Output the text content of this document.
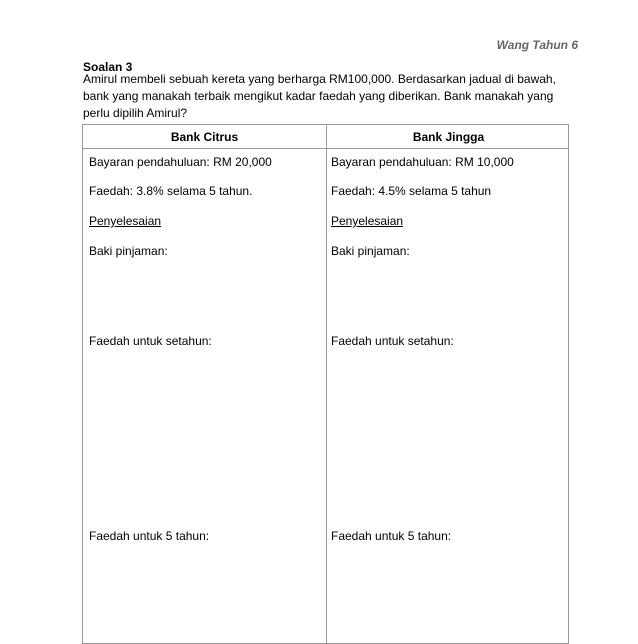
Wang Tahun 6
Soalan 3

Amirul membeli sebuah kereta yang berharga RM100,000. Berdasarkan jadual di bawah, bank yang manakah terbaik mengikut kadar faedah yang diberikan. Bank manakah yang perlu dipilih Amirul?

Bank Citrus	Bank Jingga
Bayaran pendahuluan: RM 20,000
Faedah: 3.8% selama 5 tahun.
Penyelesaian
Baki pinjaman:
Faedah untuk setahun:
Faedah untuk 5 tahun:
Bayaran pendahuluan: RM 10,000
Faedah: 4.5% selama 5 tahun
Penyelesaian
Baki pinjaman:
Faedah untuk setahun:
Faedah untuk 5 tahun:
